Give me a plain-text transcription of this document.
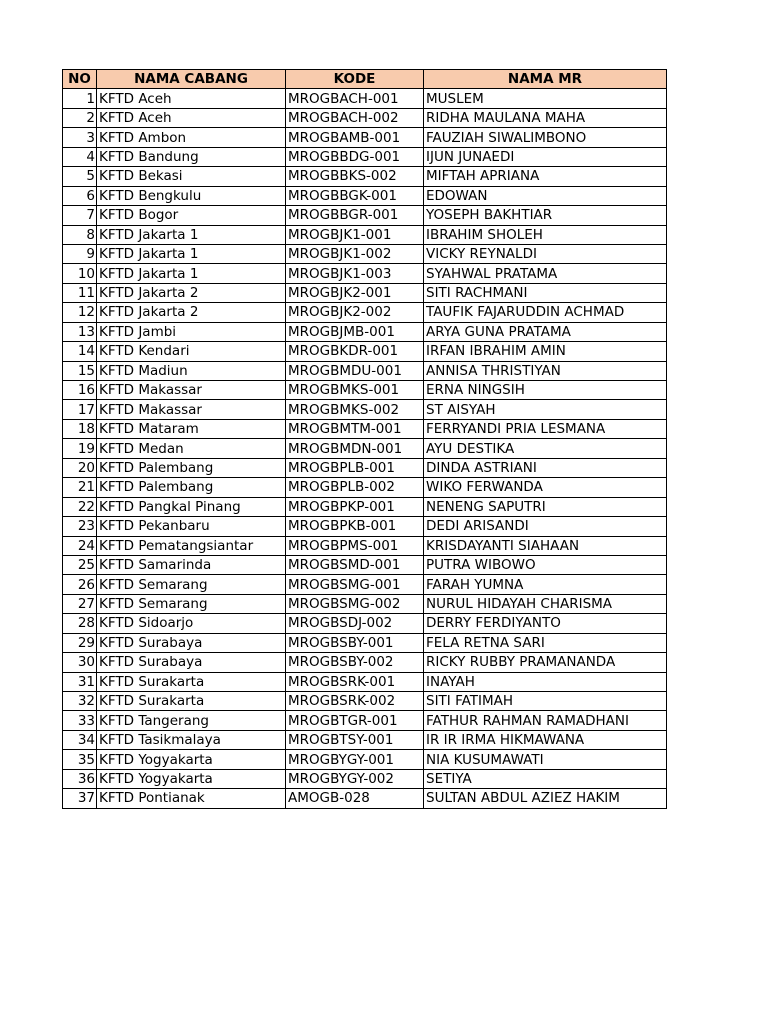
NO	NAMA CABANG	KODE	NAMA MR
1	KFTD Aceh	MROGBACH-001	MUSLEM
2	KFTD Aceh	MROGBACH-002	RIDHA MAULANA MAHA
3	KFTD Ambon	MROGBAMB-001	FAUZIAH SIWALIMBONO
4	KFTD Bandung	MROGBBDG-001	IJUN JUNAEDI
5	KFTD Bekasi	MROGBBKS-002	MIFTAH APRIANA
6	KFTD Bengkulu	MROGBBGK-001	EDOWAN
7	KFTD Bogor	MROGBBGR-001	YOSEPH BAKHTIAR
8	KFTD Jakarta 1	MROGBJK1-001	IBRAHIM SHOLEH
9	KFTD Jakarta 1	MROGBJK1-002	VICKY REYNALDI
10	KFTD Jakarta 1	MROGBJK1-003	SYAHWAL PRATAMA
11	KFTD Jakarta 2	MROGBJK2-001	SITI RACHMANI
12	KFTD Jakarta 2	MROGBJK2-002	TAUFIK FAJARUDDIN ACHMAD
13	KFTD Jambi	MROGBJMB-001	ARYA GUNA PRATAMA
14	KFTD Kendari	MROGBKDR-001	IRFAN IBRAHIM AMIN
15	KFTD Madiun	MROGBMDU-001	ANNISA THRISTIYAN
16	KFTD Makassar	MROGBMKS-001	ERNA NINGSIH
17	KFTD Makassar	MROGBMKS-002	ST AISYAH
18	KFTD Mataram	MROGBMTM-001	FERRYANDI PRIA LESMANA
19	KFTD Medan	MROGBMDN-001	AYU DESTIKA
20	KFTD Palembang	MROGBPLB-001	DINDA ASTRIANI
21	KFTD Palembang	MROGBPLB-002	WIKO FERWANDA
22	KFTD Pangkal Pinang	MROGBPKP-001	NENENG SAPUTRI
23	KFTD Pekanbaru	MROGBPKB-001	DEDI ARISANDI
24	KFTD Pematangsiantar	MROGBPMS-001	KRISDAYANTI SIAHAAN
25	KFTD Samarinda	MROGBSMD-001	PUTRA WIBOWO
26	KFTD Semarang	MROGBSMG-001	FARAH YUMNA
27	KFTD Semarang	MROGBSMG-002	NURUL HIDAYAH CHARISMA
28	KFTD Sidoarjo	MROGBSDJ-002	DERRY FERDIYANTO
29	KFTD Surabaya	MROGBSBY-001	FELA RETNA SARI
30	KFTD Surabaya	MROGBSBY-002	RICKY RUBBY PRAMANANDA
31	KFTD Surakarta	MROGBSRK-001	INAYAH
32	KFTD Surakarta	MROGBSRK-002	SITI FATIMAH
33	KFTD Tangerang	MROGBTGR-001	FATHUR RAHMAN RAMADHANI
34	KFTD Tasikmalaya	MROGBTSY-001	IR IR IRMA HIKMAWANA
35	KFTD Yogyakarta	MROGBYGY-001	NIA KUSUMAWATI
36	KFTD Yogyakarta	MROGBYGY-002	SETIYA
37	KFTD Pontianak	AMOGB-028	SULTAN ABDUL AZIEZ HAKIM
